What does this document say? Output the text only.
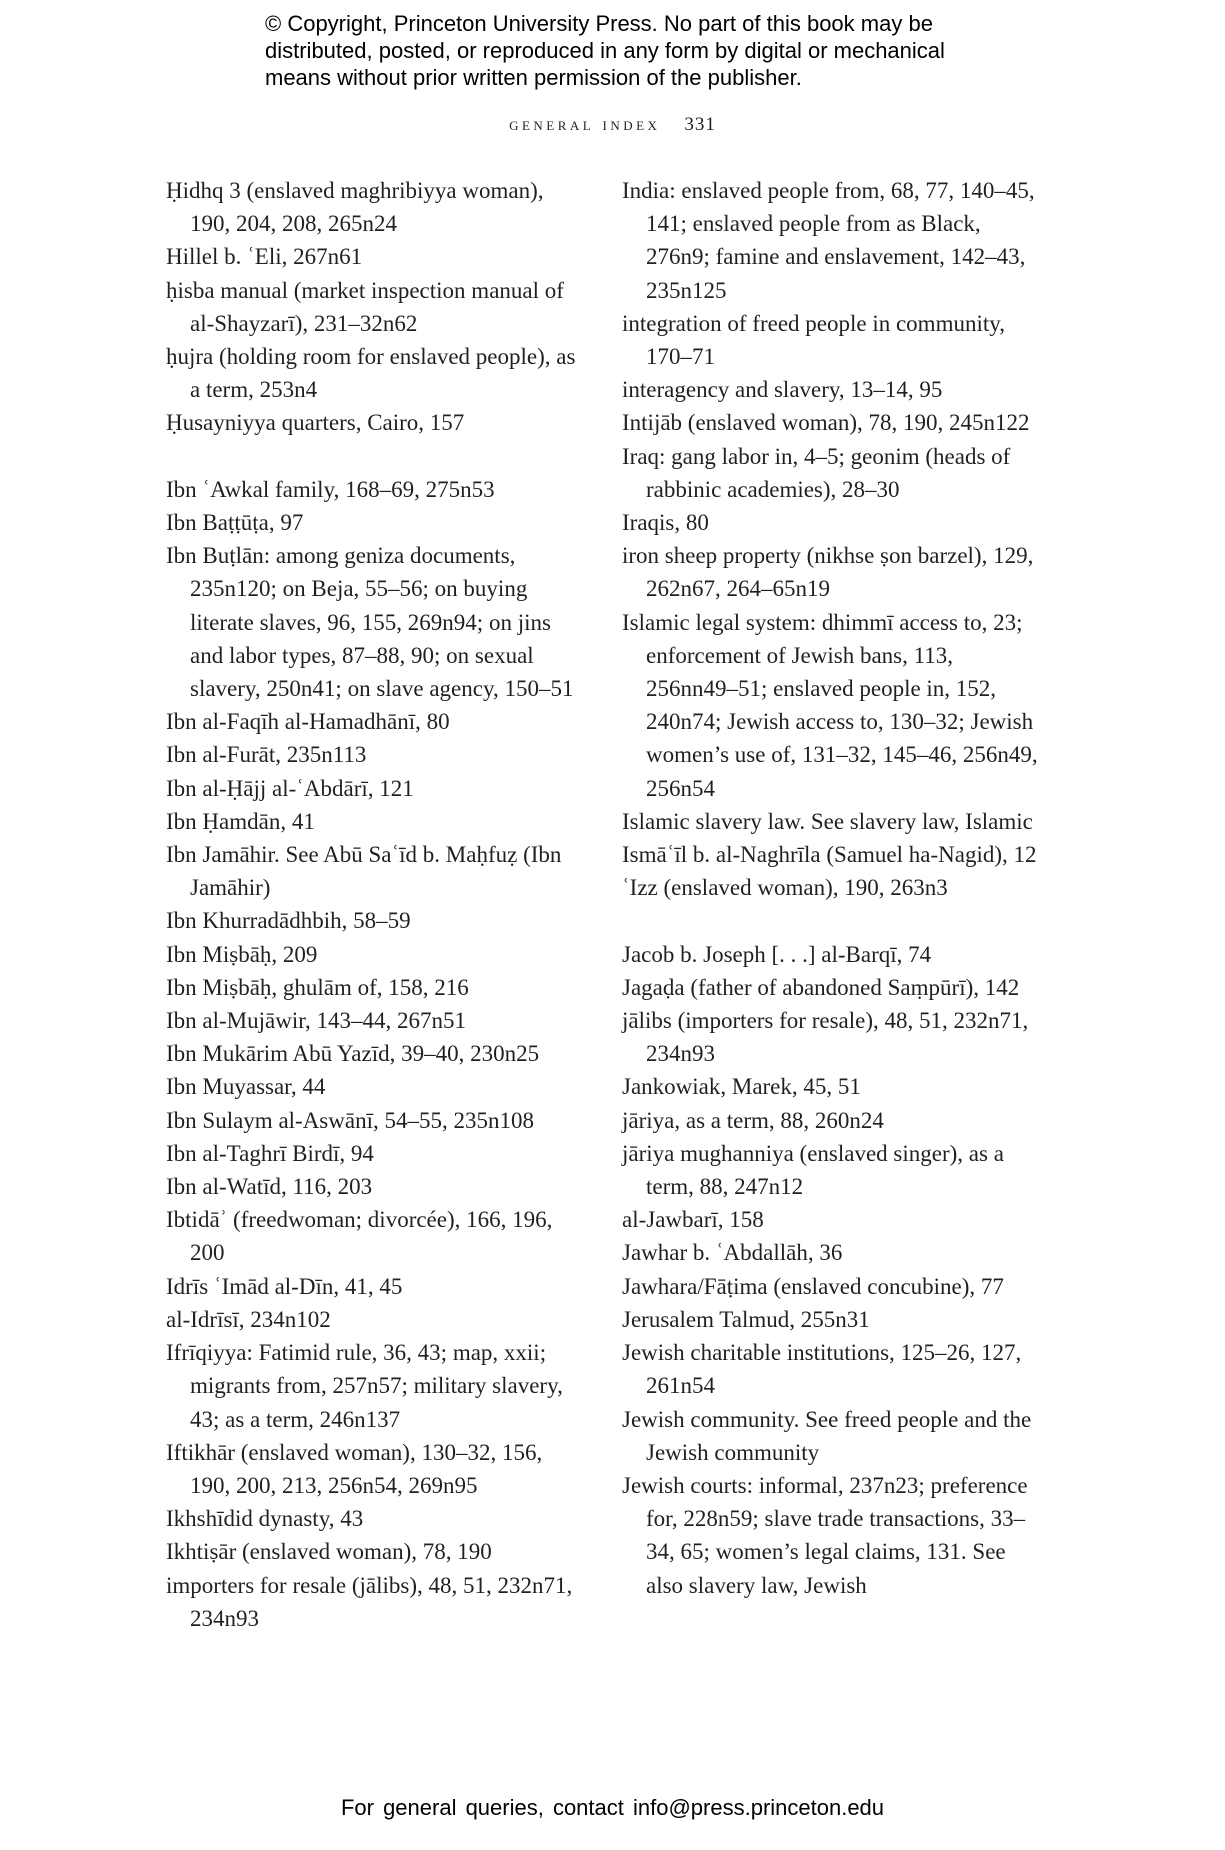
© Copyright, Princeton University Press. No part of this book may be
distributed, posted, or reproduced in any form by digital or mechanical
means without prior written permission of the publisher.
general index 331
Ḥidhq 3 (enslaved maghribiyya woman), 190, 204, 208, 265n24
Hillel b. ʿEli, 267n61
ḥisba manual (market inspection manual of al-Shayzarī), 231–32n62
ḥujra (holding room for enslaved people), as a term, 253n4
Ḥusayniyya quarters, Cairo, 157
Ibn ʿAwkal family, 168–69, 275n53
Ibn Baṭṭūṭa, 97
Ibn Buṭlān: among geniza documents, 235n120; on Beja, 55–56; on buying literate slaves, 96, 155, 269n94; on jins and labor types, 87–88, 90; on sexual slavery, 250n41; on slave agency, 150–51
Ibn al-Faqīh al-Hamadhānī, 80
Ibn al-Furāt, 235n113
Ibn al-Ḥājj al-ʿAbdārī, 121
Ibn Ḥamdān, 41
Ibn Jamāhir. See Abū Saʿīd b. Maḥfuẓ (Ibn Jamāhir)
Ibn Khurradādhbih, 58–59
Ibn Miṣbāḥ, 209
Ibn Miṣbāḥ, ghulām of, 158, 216
Ibn al-Mujāwir, 143–44, 267n51
Ibn Mukārim Abū Yazīd, 39–40, 230n25
Ibn Muyassar, 44
Ibn Sulaym al-Aswānī, 54–55, 235n108
Ibn al-Taghrī Birdī, 94
Ibn al-Watīd, 116, 203
Ibtidāʾ (freedwoman; divorcée), 166, 196, 200
Idrīs ʿImād al-Dīn, 41, 45
al-Idrīsī, 234n102
Ifrīqiyya: Fatimid rule, 36, 43; map, xxii; migrants from, 257n57; military slavery, 43; as a term, 246n137
Iftikhār (enslaved woman), 130–32, 156, 190, 200, 213, 256n54, 269n95
Ikhshīdid dynasty, 43
Ikhtiṣār (enslaved woman), 78, 190
importers for resale (jālibs), 48, 51, 232n71, 234n93
India: enslaved people from, 68, 77, 140–45, 141; enslaved people from as Black, 276n9; famine and enslavement, 142–43, 235n125
integration of freed people in community, 170–71
interagency and slavery, 13–14, 95
Intijāb (enslaved woman), 78, 190, 245n122
Iraq: gang labor in, 4–5; geonim (heads of rabbinic academies), 28–30
Iraqis, 80
iron sheep property (nikhse ṣon barzel), 129, 262n67, 264–65n19
Islamic legal system: dhimmī access to, 23; enforcement of Jewish bans, 113, 256nn49–51; enslaved people in, 152, 240n74; Jewish access to, 130–32; Jewish women’s use of, 131–32, 145–46, 256n49, 256n54
Islamic slavery law. See slavery law, Islamic
Ismāʿīl b. al-Naghrīla (Samuel ha-Nagid), 12
ʿIzz (enslaved woman), 190, 263n3
Jacob b. Joseph [. . .] al-Barqī, 74
Jagaḍa (father of abandoned Saṃpūrī), 142
jālibs (importers for resale), 48, 51, 232n71, 234n93
Jankowiak, Marek, 45, 51
jāriya, as a term, 88, 260n24
jāriya mughanniya (enslaved singer), as a term, 88, 247n12
al-Jawbarī, 158
Jawhar b. ʿAbdallāh, 36
Jawhara/Fāṭima (enslaved concubine), 77
Jerusalem Talmud, 255n31
Jewish charitable institutions, 125–26, 127, 261n54
Jewish community. See freed people and the Jewish community
Jewish courts: informal, 237n23; preference for, 228n59; slave trade transactions, 33–34, 65; women’s legal claims, 131. See also slavery law, Jewish
For general queries, contact info@press.princeton.edu
